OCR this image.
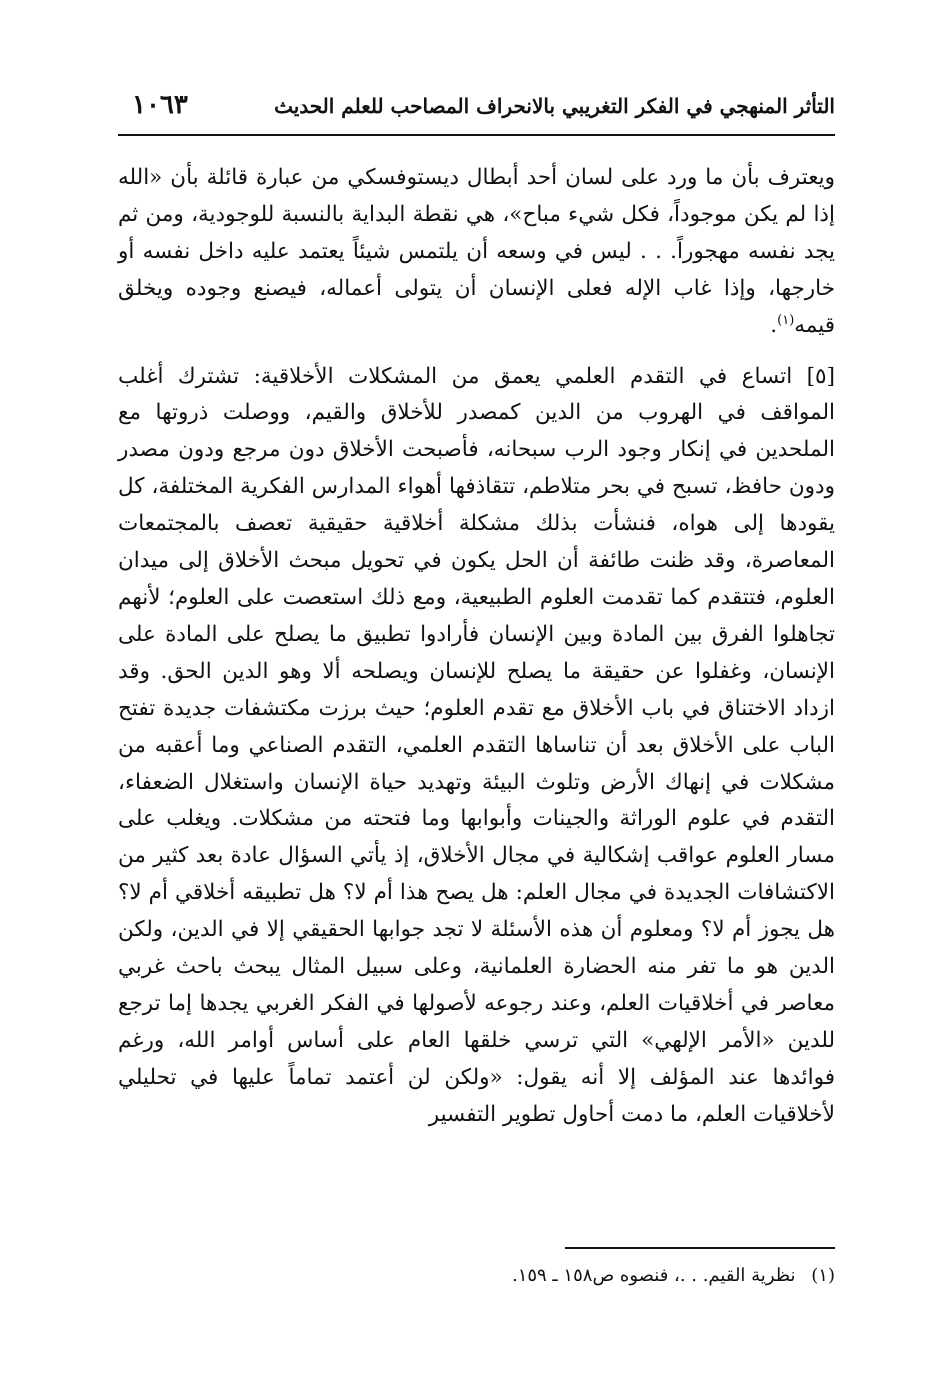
التأثر المنهجي في الفكر التغريبي بالانحراف المصاحب للعلم الحديث
١٠٦٣

ويعترف بأن ما ورد على لسان أحد أبطال ديستوفسكي من عبارة قائلة بأن «الله إذا لم يكن موجوداً، فكل شيء مباح»، هي نقطة البداية بالنسبة للوجودية، ومن ثم يجد نفسه مهجوراً. . . ليس في وسعه أن يلتمس شيئاً يعتمد عليه داخل نفسه أو خارجها، وإذا غاب الإله فعلى الإنسان أن يتولى أعماله، فيصنع وجوده ويخلق قيمه$^{(١)}$.

[٥] اتساع في التقدم العلمي يعمق من المشكلات الأخلاقية: تشترك أغلب المواقف في الهروب من الدين كمصدر للأخلاق والقيم، ووصلت ذروتها مع الملحدين في إنكار وجود الرب سبحانه، فأصبحت الأخلاق دون مرجع ودون مصدر ودون حافظ، تسبح في بحر متلاطم، تتقاذفها أهواء المدارس الفكرية المختلفة، كل يقودها إلى هواه، فنشأت بذلك مشكلة أخلاقية حقيقية تعصف بالمجتمعات المعاصرة، وقد ظنت طائفة أن الحل يكون في تحويل مبحث الأخلاق إلى ميدان العلوم، فتتقدم كما تقدمت العلوم الطبيعية، ومع ذلك استعصت على العلوم؛ لأنهم تجاهلوا الفرق بين المادة وبين الإنسان فأرادوا تطبيق ما يصلح على المادة على الإنسان، وغفلوا عن حقيقة ما يصلح للإنسان ويصلحه ألا وهو الدين الحق. وقد ازداد الاختناق في باب الأخلاق مع تقدم العلوم؛ حيث برزت مكتشفات جديدة تفتح الباب على الأخلاق بعد أن تناساها التقدم العلمي، التقدم الصناعي وما أعقبه من مشكلات في إنهاك الأرض وتلوث البيئة وتهديد حياة الإنسان واستغلال الضعفاء، التقدم في علوم الوراثة والجينات وأبوابها وما فتحته من مشكلات. ويغلب على مسار العلوم عواقب إشكالية في مجال الأخلاق، إذ يأتي السؤال عادة بعد كثير من الاكتشافات الجديدة في مجال العلم: هل يصح هذا أم لا؟ هل تطبيقه أخلاقي أم لا؟ هل يجوز أم لا؟ ومعلوم أن هذه الأسئلة لا تجد جوابها الحقيقي إلا في الدين، ولكن الدين هو ما تفر منه الحضارة العلمانية، وعلى سبيل المثال يبحث باحث غربي معاصر في أخلاقيات العلم، وعند رجوعه لأصولها في الفكر الغربي يجدها إما ترجع للدين «الأمر الإلهي» التي ترسي خلقها العام على أساس أوامر الله، ورغم فوائدها عند المؤلف إلا أنه يقول: «ولكن لن أعتمد تماماً عليها في تحليلي لأخلاقيات العلم، ما دمت أحاول تطوير التفسير

(١) نظرية القيم. . .، فنصوه ص١٥٨ ـ ١٥٩.
